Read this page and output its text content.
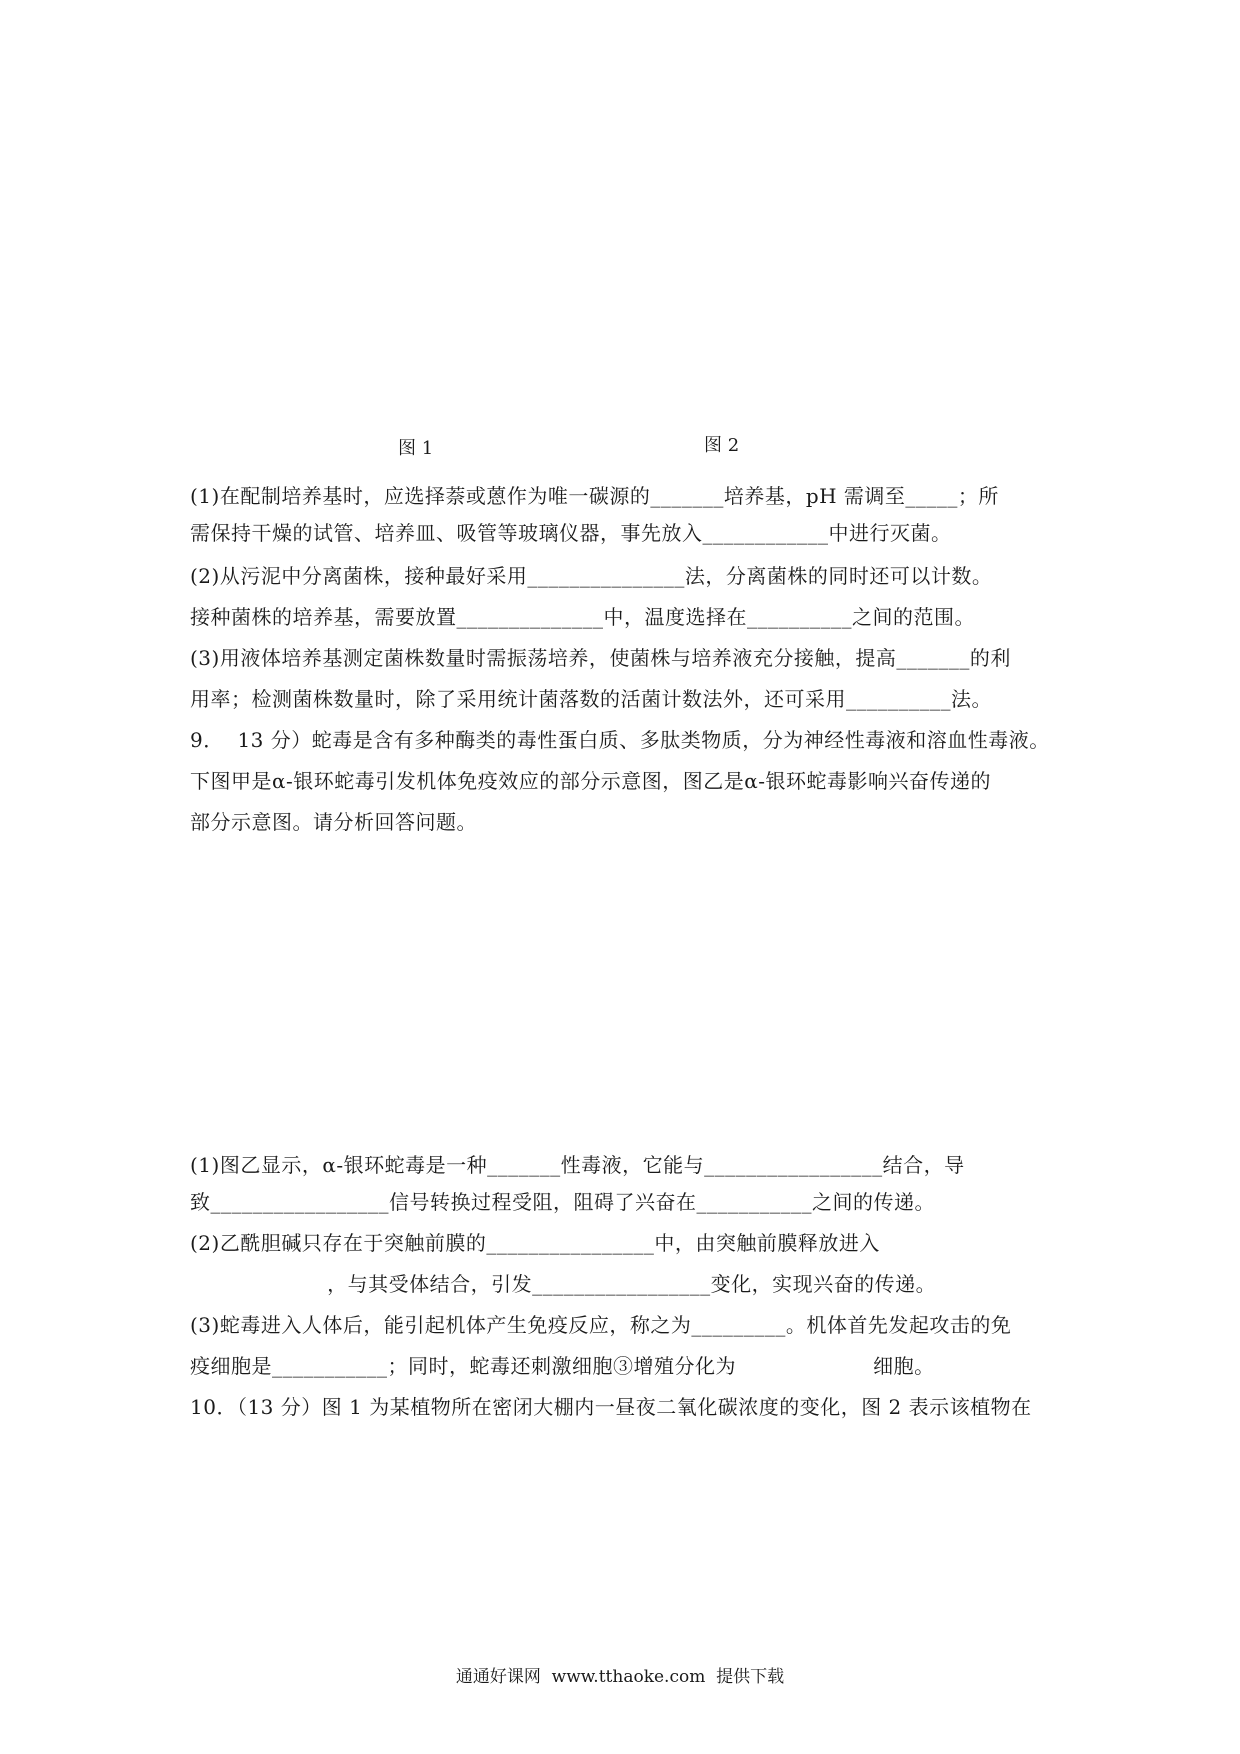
图 1	图 2
(1)在配制培养基时，应选择萘或蒽作为唯一碳源的_______培养基，pH 需调至_____；所
需保持干燥的试管、培养皿、吸管等玻璃仪器，事先放入____________中进行灭菌。
(2)从污泥中分离菌株，接种最好采用_______________法，分离菌株的同时还可以计数。
接种菌株的培养基，需要放置______________中，温度选择在__________之间的范围。
(3)用液体培养基测定菌株数量时需振荡培养，使菌株与培养液充分接触，提高_______的利
用率；检测菌株数量时，除了采用统计菌落数的活菌计数法外，还可采用__________法。
9．  13 分）蛇毒是含有多种酶类的毒性蛋白质、多肽类物质，分为神经性毒液和溶血性毒液。
下图甲是α-银环蛇毒引发机体免疫效应的部分示意图，图乙是α-银环蛇毒影响兴奋传递的
部分示意图。请分析回答问题。
(1)图乙显示，α-银环蛇毒是一种_______性毒液，它能与_________________结合，导
致_________________信号转换过程受阻，阻碍了兴奋在___________之间的传递。
(2)乙酰胆碱只存在于突触前膜的________________中，由突触前膜释放进入
，与其受体结合，引发_________________变化，实现兴奋的传递。
(3)蛇毒进入人体后，能引起机体产生免疫反应，称之为_________。机体首先发起攻击的免
疫细胞是___________；同时，蛇毒还刺激细胞③增殖分化为                    细胞。
10．（13 分）图 1 为某植物所在密闭大棚内一昼夜二氧化碳浓度的变化，图 2 表示该植物在
通通好课网  www.tthaoke.com  提供下载
